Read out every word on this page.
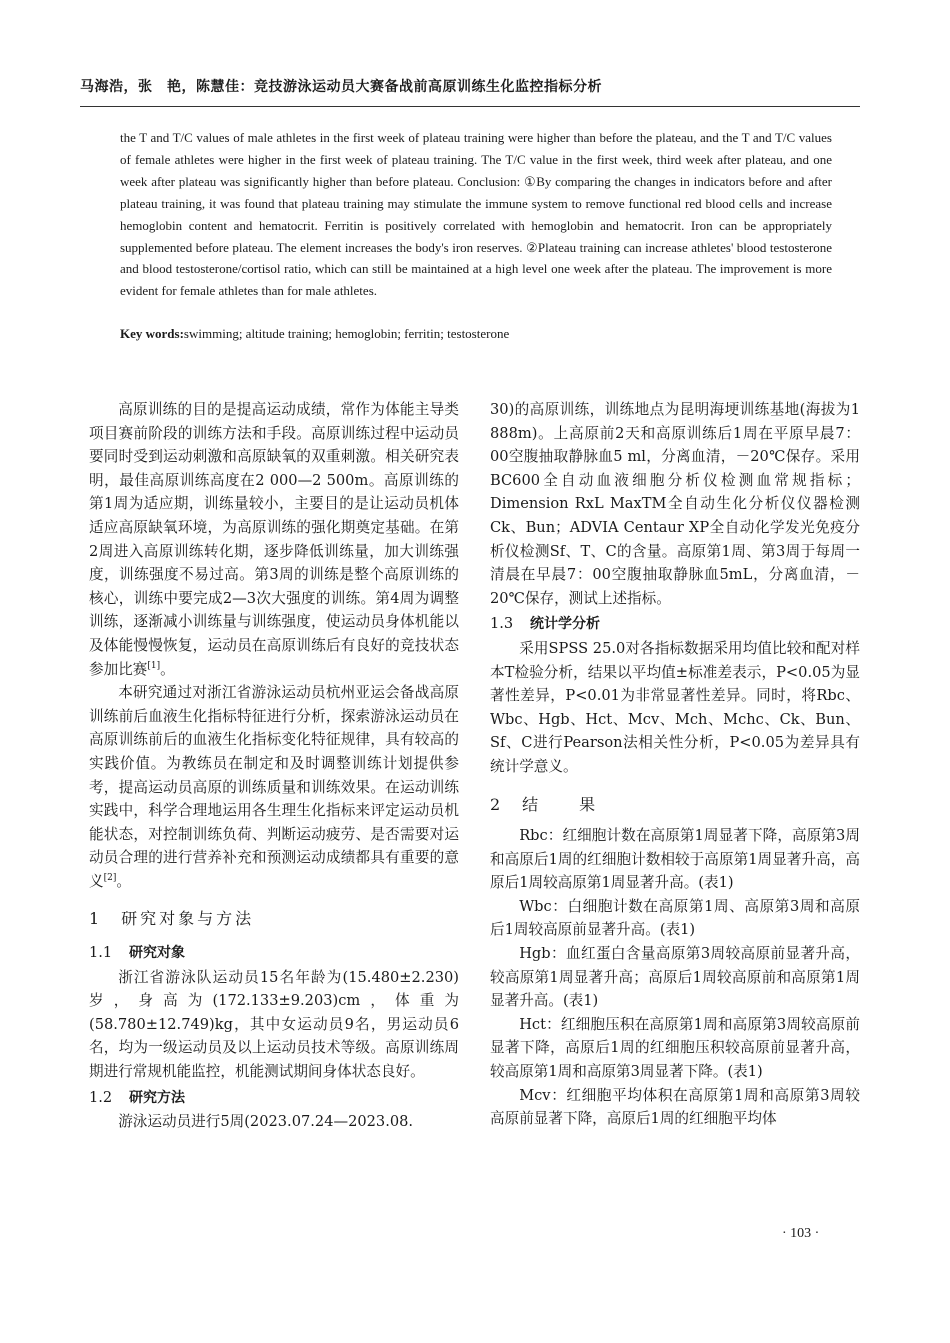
马海浩，张　艳，陈慧佳：竞技游泳运动员大赛备战前高原训练生化监控指标分析

the T and T/C values of male athletes in the first week of plateau training were higher than before the plateau, and the T and T/C values of female athletes were higher in the first week of plateau training. The T/C value in the first week, third week after plateau, and one week after plateau was significantly higher than before plateau. Conclusion: ①By comparing the changes in indicators before and after plateau training, it was found that plateau training may stimulate the immune system to remove functional red blood cells and increase hemoglobin content and hematocrit. Ferritin is positively correlated with hemoglobin and hematocrit. Iron can be appropriately supplemented before plateau. The element increases the body's iron reserves. ②Plateau training can increase athletes' blood testosterone and blood testosterone/cortisol ratio, which can still be maintained at a high level one week after the plateau. The improvement is more evident for female athletes than for male athletes.

Key words:swimming; altitude training; hemoglobin; ferritin; testosterone

高原训练的目的是提高运动成绩，常作为体能主导类项目赛前阶段的训练方法和手段。高原训练过程中运动员要同时受到运动刺激和高原缺氧的双重刺激。相关研究表明，最佳高原训练高度在2 000—2 500m。高原训练的第1周为适应期，训练量较小，主要目的是让运动员机体适应高原缺氧环境，为高原训练的强化期奠定基础。在第2周进入高原训练转化期，逐步降低训练量，加大训练强度，训练强度不易过高。第3周的训练是整个高原训练的核心，训练中要完成2—3次大强度的训练。第4周为调整训练，逐渐减小训练量与训练强度，使运动员身体机能以及体能慢慢恢复，运动员在高原训练后有良好的竞技状态参加比赛[1]。

本研究通过对浙江省游泳运动员杭州亚运会备战高原训练前后血液生化指标特征进行分析，探索游泳运动员在高原训练前后的血液生化指标变化特征规律，具有较高的实践价值。为教练员在制定和及时调整训练计划提供参考，提高运动员高原的训练质量和训练效果。在运动训练实践中，科学合理地运用各生理生化指标来评定运动员机能状态，对控制训练负荷、判断运动疲劳、是否需要对运动员合理的进行营养补充和预测运动成绩都具有重要的意义[2]。

1　研究对象与方法
1.1 研究对象

浙江省游泳队运动员15名年龄为(15.480±2.230)岁，身高为(172.133±9.203)cm，体重为(58.780±12.749)kg，其中女运动员9名，男运动员6名，均为一级运动员及以上运动员技术等级。高原训练周期进行常规机能监控，机能测试期间身体状态良好。

1.2 研究方法

游泳运动员进行5周(2023.07.24—2023.08.

30)的高原训练，训练地点为昆明海埂训练基地(海拔为1 888m)。上高原前2天和高原训练后1周在平原早晨7：00空腹抽取静脉血5 ml，分离血清，－20℃保存。采用BC600全自动血液细胞分析仪检测血常规指标；Dimension RxL MaxTM全自动生化分析仪仪器检测Ck、Bun；ADVIA Centaur XP全自动化学发光免疫分析仪检测Sf、T、C的含量。高原第1周、第3周于每周一清晨在早晨7：00空腹抽取静脉血5mL，分离血清，－20℃保存，测试上述指标。

1.3 统计学分析

采用SPSS 25.0对各指标数据采用均值比较和配对样本T检验分析，结果以平均值±标准差表示，P<0.05为显著性差异，P<0.01为非常显著性差异。同时，将Rbc、Wbc、Hgb、Hct、Mcv、Mch、Mchc、Ck、Bun、Sf、C进行Pearson法相关性分析，P<0.05为差异具有统计学意义。

2　结　　果

Rbc：红细胞计数在高原第1周显著下降，高原第3周和高原后1周的红细胞计数相较于高原第1周显著升高，高原后1周较高原第1周显著升高。(表1)

Wbc：白细胞计数在高原第1周、高原第3周和高原后1周较高原前显著升高。(表1)

Hgb：血红蛋白含量高原第3周较高原前显著升高，较高原第1周显著升高；高原后1周较高原前和高原第1周显著升高。(表1)

Hct：红细胞压积在高原第1周和高原第3周较高原前显著下降，高原后1周的红细胞压积较高原前显著升高，较高原第1周和高原第3周显著下降。(表1)

Mcv：红细胞平均体积在高原第1周和高原第3周较高原前显著下降，高原后1周的红细胞平均体

· 103 ·
